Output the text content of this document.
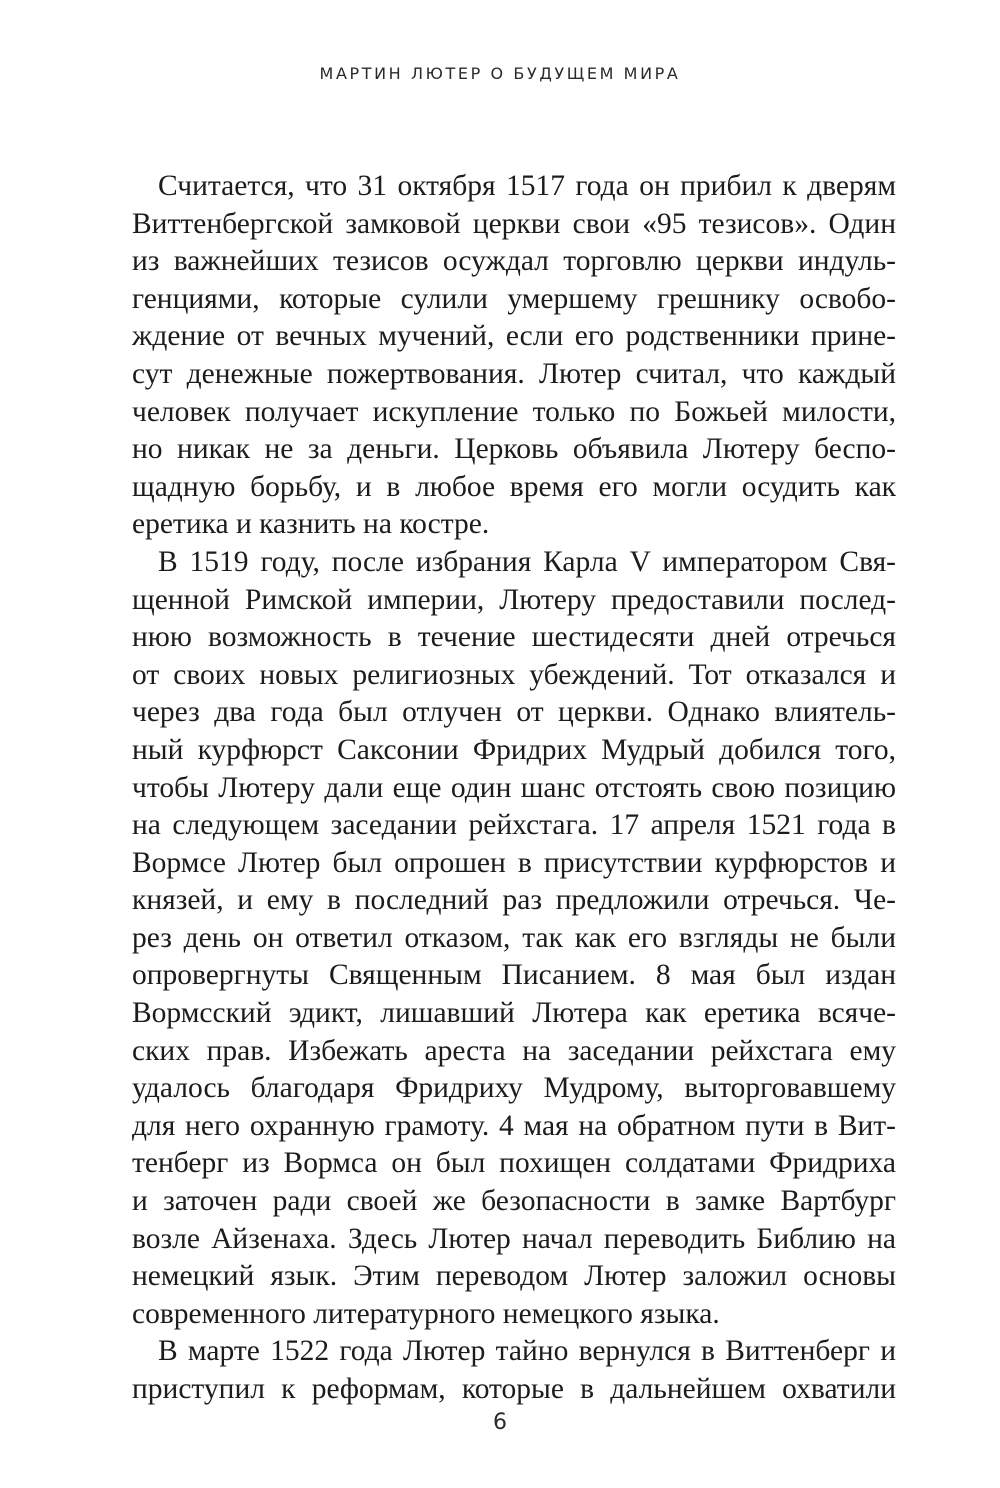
МАРТИН ЛЮТЕР О БУДУЩЕМ МИРА
Считается, что 31 октября 1517 года он прибил к дверям
Виттенбергской замковой церкви свои «95 тезисов». Один
из важнейших тезисов осуждал торговлю церкви индуль-
генциями, которые сулили умершему грешнику освобо-
ждение от вечных мучений, если его родственники прине-
сут денежные пожертвования. Лютер считал, что каждый
человек получает искупление только по Божьей милости,
но никак не за деньги. Церковь объявила Лютеру беспо-
щадную борьбу, и в любое время его могли осудить как
еретика и казнить на костре.
В 1519 году, после избрания Карла V императором Свя-
щенной Римской империи, Лютеру предоставили послед-
нюю возможность в течение шестидесяти дней отречься
от своих новых религиозных убеждений. Тот отказался и
через два года был отлучен от церкви. Однако влиятель-
ный курфюрст Саксонии Фридрих Мудрый добился того,
чтобы Лютеру дали еще один шанс отстоять свою позицию
на следующем заседании рейхстага. 17 апреля 1521 года в
Вормсе Лютер был опрошен в присутствии курфюрстов и
князей, и ему в последний раз предложили отречься. Че-
рез день он ответил отказом, так как его взгляды не были
опровергнуты Священным Писанием. 8 мая был издан
Вормсский эдикт, лишавший Лютера как еретика всяче-
ских прав. Избежать ареста на заседании рейхстага ему
удалось благодаря Фридриху Мудрому, выторговавшему
для него охранную грамоту. 4 мая на обратном пути в Вит-
тенберг из Вормса он был похищен солдатами Фридриха
и заточен ради своей же безопасности в замке Вартбург
возле Айзенаха. Здесь Лютер начал переводить Библию на
немецкий язык. Этим переводом Лютер заложил основы
современного литературного немецкого языка.
В марте 1522 года Лютер тайно вернулся в Виттенберг и
приступил к реформам, которые в дальнейшем охватили
6
